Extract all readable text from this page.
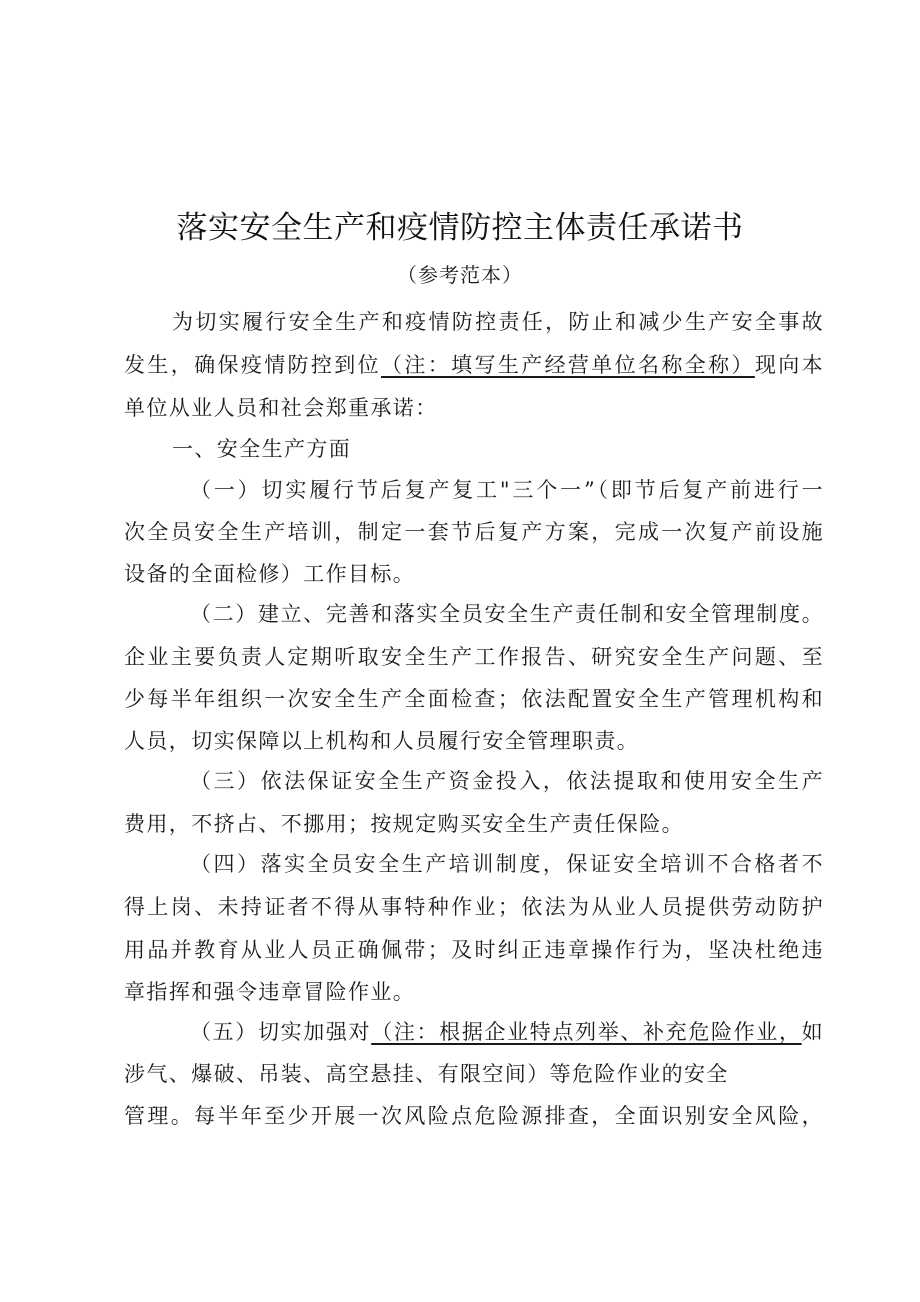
落实安全生产和疫情防控主体责任承诺书
（参考范本）
为切实履行安全生产和疫情防控责任，防止和减少生产安全事故
发生，确保疫情防控到位（注：填写生产经营单位名称全称）现向本
单位从业人员和社会郑重承诺：
一、安全生产方面
（一）切实履行节后复产复工"三个一”（即节后复产前进行一
次全员安全生产培训，制定一套节后复产方案，完成一次复产前设施
设备的全面检修）工作目标。
（二）建立、完善和落实全员安全生产责任制和安全管理制度。
企业主要负责人定期听取安全生产工作报告、研究安全生产问题、至
少每半年组织一次安全生产全面检查；依法配置安全生产管理机构和
人员，切实保障以上机构和人员履行安全管理职责。
（三）依法保证安全生产资金投入，依法提取和使用安全生产
费用，不挤占、不挪用；按规定购买安全生产责任保险。
（四）落实全员安全生产培训制度，保证安全培训不合格者不
得上岗、未持证者不得从事特种作业；依法为从业人员提供劳动防护
用品并教育从业人员正确佩带；及时纠正违章操作行为，坚决杜绝违
章指挥和强令违章冒险作业。
（五）切实加强对（注：根据企业特点列举、补充危险作业，如
涉气、爆破、吊装、高空悬挂、有限空间）等危险作业的安全
管理。每半年至少开展一次风险点危险源排查，全面识别安全风险，
